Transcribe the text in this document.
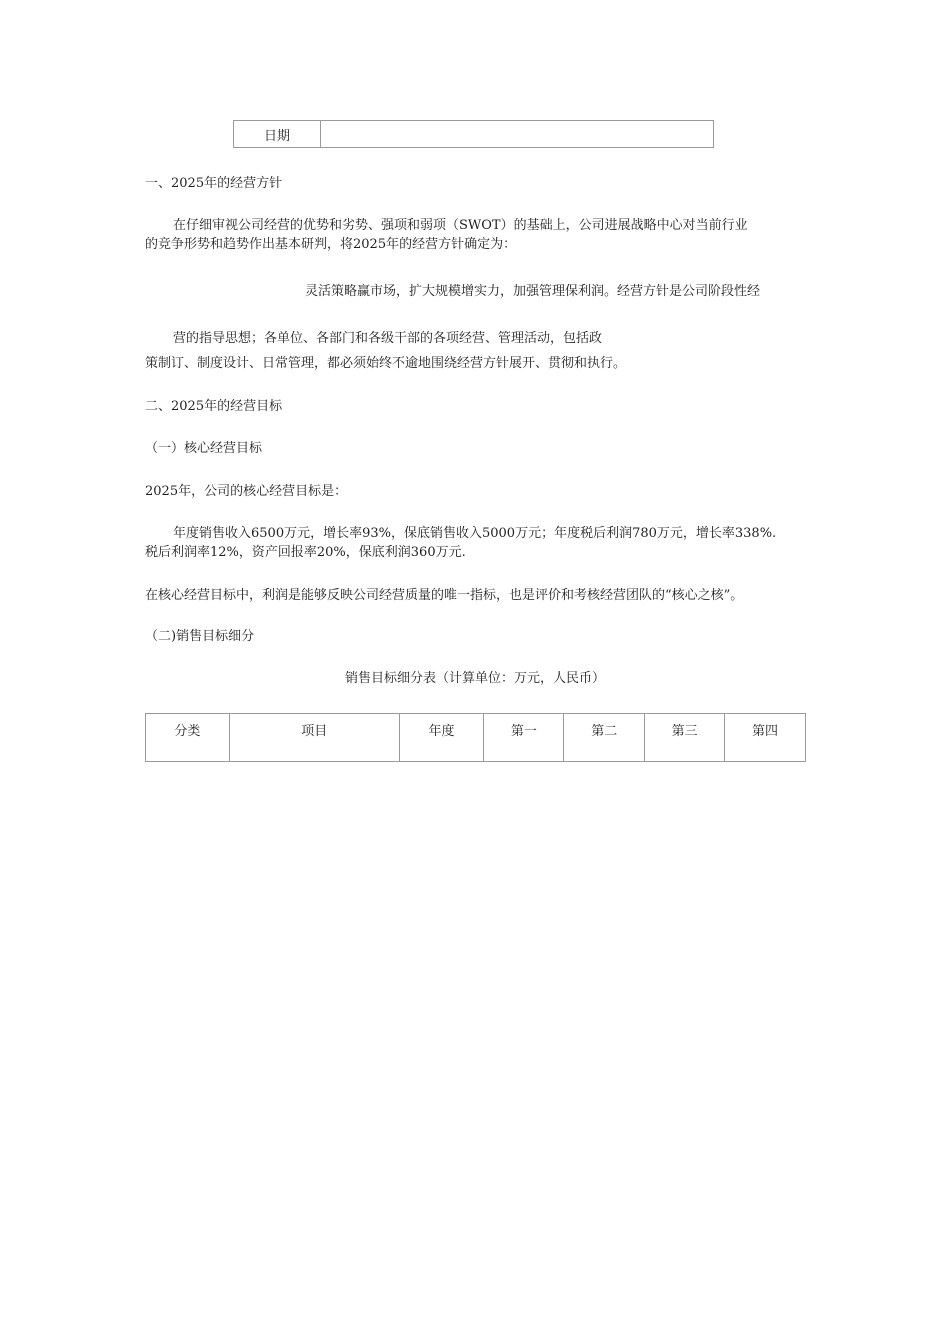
日期	
一、2025年的经营方针
在仔细审视公司经营的优势和劣势、强项和弱项（SWOT）的基础上，公司进展战略中心对当前行业
的竞争形势和趋势作出基本研判，将2025年的经营方针确定为：
灵活策略赢市场，扩大规模增实力，加强管理保利润。经营方针是公司阶段性经
营的指导思想；各单位、各部门和各级干部的各项经营、管理活动，包括政
策制订、制度设计、日常管理，都必须始终不逾地围绕经营方针展开、贯彻和执行。
二、2025年的经营目标
（一）核心经营目标
2025年，公司的核心经营目标是：
年度销售收入6500万元，增长率93%，保底销售收入5000万元；年度税后利润780万元，增长率338%.
税后利润率12%，资产回报率20%，保底利润360万元.
在核心经营目标中，利润是能够反映公司经营质量的唯一指标，也是评价和考核经营团队的“核心之核”。
（二)销售目标细分
销售目标细分表（计算单位：万元，人民币）
分类	项目	年度	第一	第二	第三	第四
